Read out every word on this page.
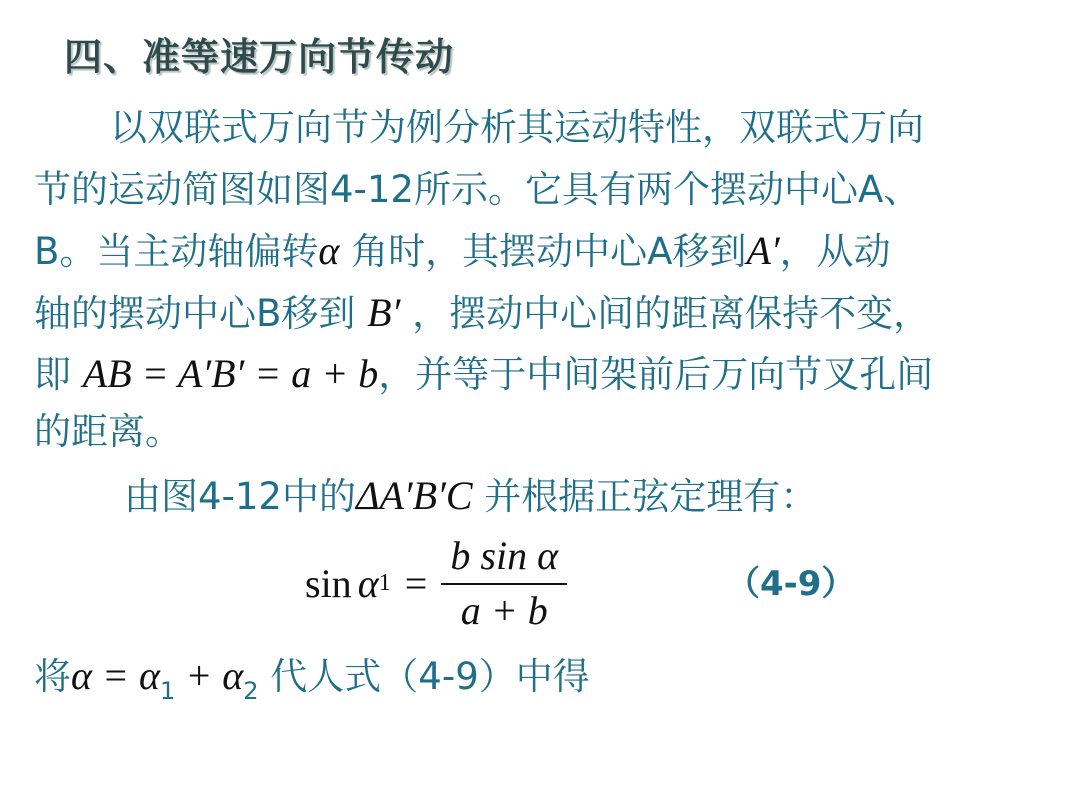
四、准等速万向节传动
以双联式万向节为例分析其运动特性，双联式万向
节的运动简图如图4-12所示。它具有两个摆动中心A、
B。当主动轴偏转α 角时，其摆动中心A移到A′，从动
轴的摆动中心B移到 B′ ，摆动中心间的距离保持不变，
即 AB = A′B′ = a + b，并等于中间架前后万向节叉孔间
的距离。
由图4-12中的ΔA′B′C 并根据正弦定理有：
sin α $1 = \frac{\text{b sin α}}{a + b}$	（4-9）
将$\alpha = \alpha_1 + \alpha_2$ 代人式（4-9）中得
